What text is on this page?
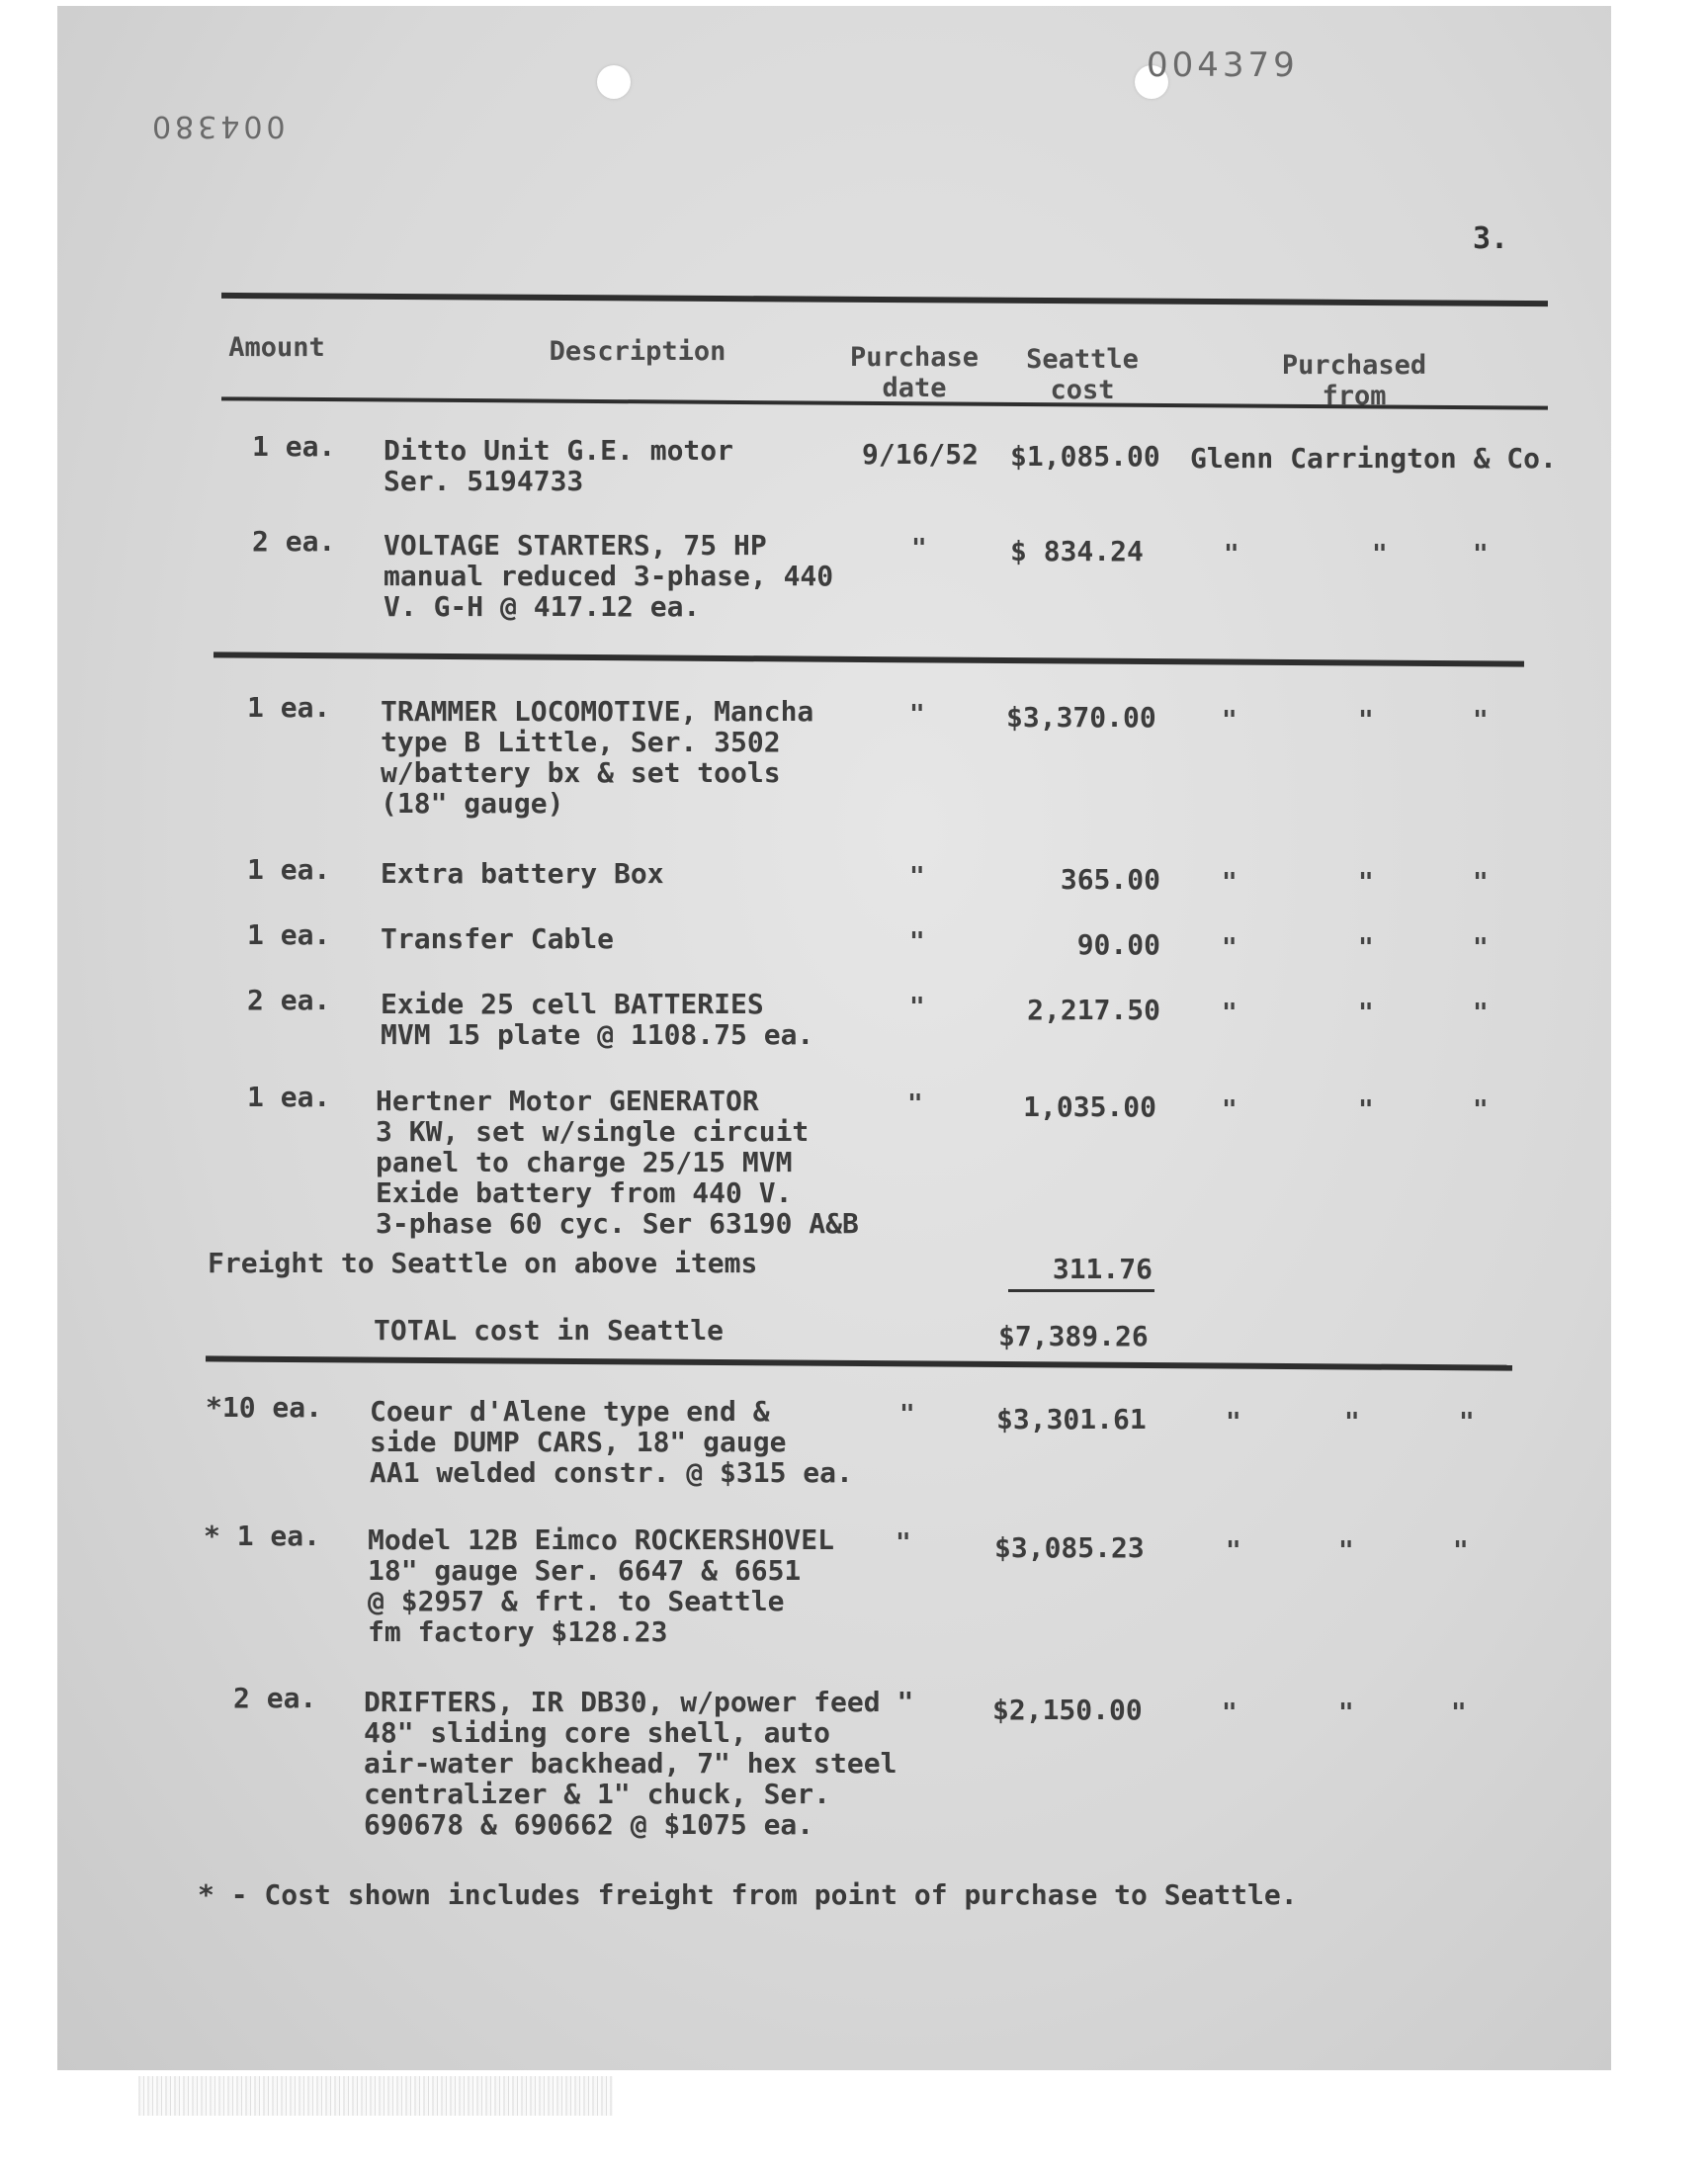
004379
004380
3.
Amount	Description	Purchase
date
Seattle
cost
Purchased
from
1 ea. Ditto Unit G.E. motor
Ser. 5194733
9/16/52 $1,085.00 Glenn Carrington & Co.
2 ea. VOLTAGE STARTERS, 75 HP
manual reduced 3-phase, 440
V. G-H @ 417.12 ea.
"	$ 834.24	"	"	"
1 ea. TRAMMER LOCOMOTIVE, Mancha
type B Little, Ser. 3502
w/battery bx & set tools
(18" gauge)
"	$3,370.00	"	"	"
1 ea. Extra battery Box	"	365.00 "	"	"
1 ea. Transfer Cable	"	90.00 "	"	"
2 ea. Exide 25 cell BATTERIES
MVM 15 plate @ 1108.75 ea.
"	2,217.50 "	"	"
1 ea. Hertner Motor GENERATOR
3 KW, set w/single circuit
panel to charge 25/15 MVM
Exide battery from 440 V.
3-phase 60 cyc. Ser 63190 A&B
"	1,035.00	"	"	"
Freight to Seattle on above items	311.76
TOTAL cost in Seattle	$7,389.26
*10 ea. Coeur d'Alene type end &
side DUMP CARS, 18" gauge
AA1 welded constr. @ $315 ea.
"	$3,301.61	"	"	"
* 1 ea. Model 12B Eimco ROCKERSHOVEL
18" gauge Ser. 6647 & 6651
@ $2957 & frt. to Seattle
fm factory $128.23
"	$3,085.23	"	"	"
2 ea. DRIFTERS, IR DB30, w/power feed "
48" sliding core shell, auto
air-water backhead, 7" hex steel
centralizer & 1" chuck, Ser.
690678 & 690662 @ $1075 ea.
$2,150.00	"	"	"
* - Cost shown includes freight from point of purchase to Seattle.
